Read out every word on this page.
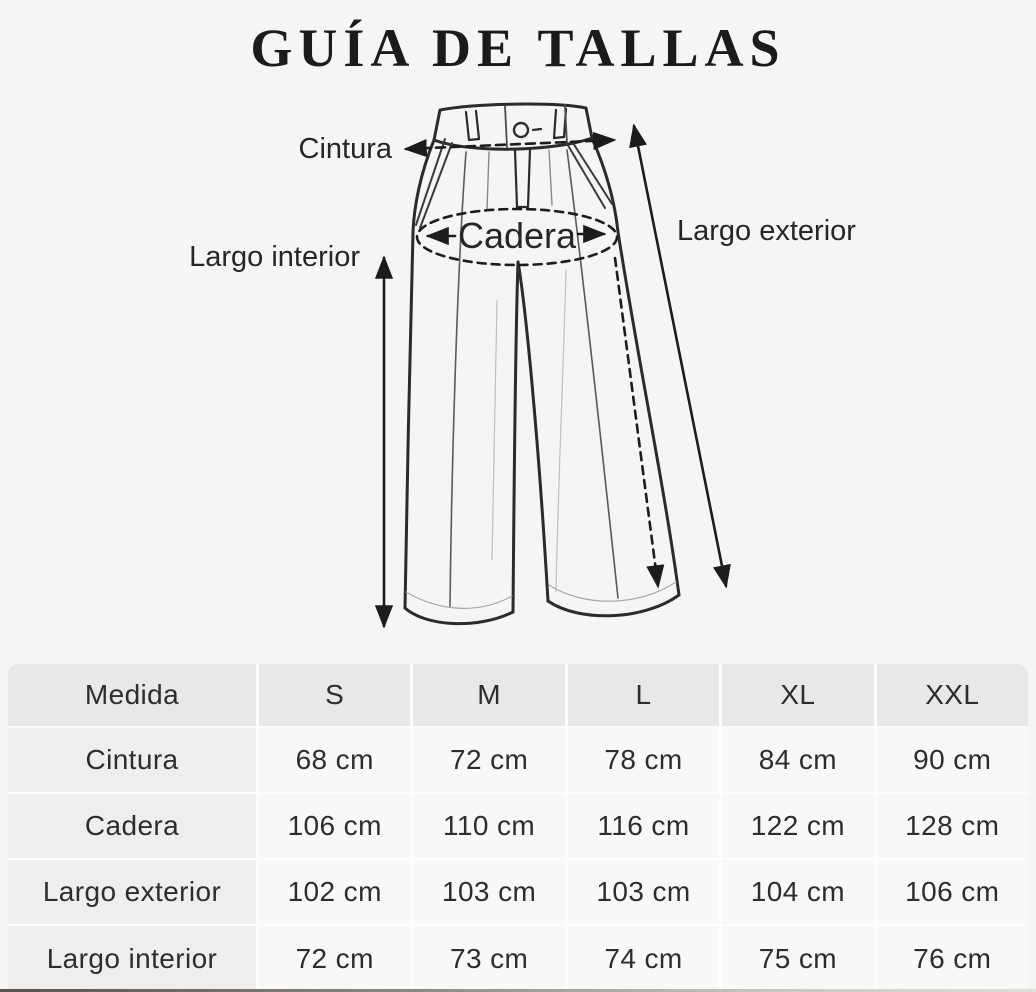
GUÍA DE TALLAS
Cintura
Cadera
Largo interior
Largo exterior
Medida	S	M	L	XL	XXL
Cintura	68 cm	72 cm	78 cm	84 cm	90 cm
Cadera	106 cm	110 cm	116 cm	122 cm	128 cm
Largo exterior	102 cm	103 cm	103 cm	104 cm	106 cm
Largo interior	72 cm	73 cm	74 cm	75 cm	76 cm
